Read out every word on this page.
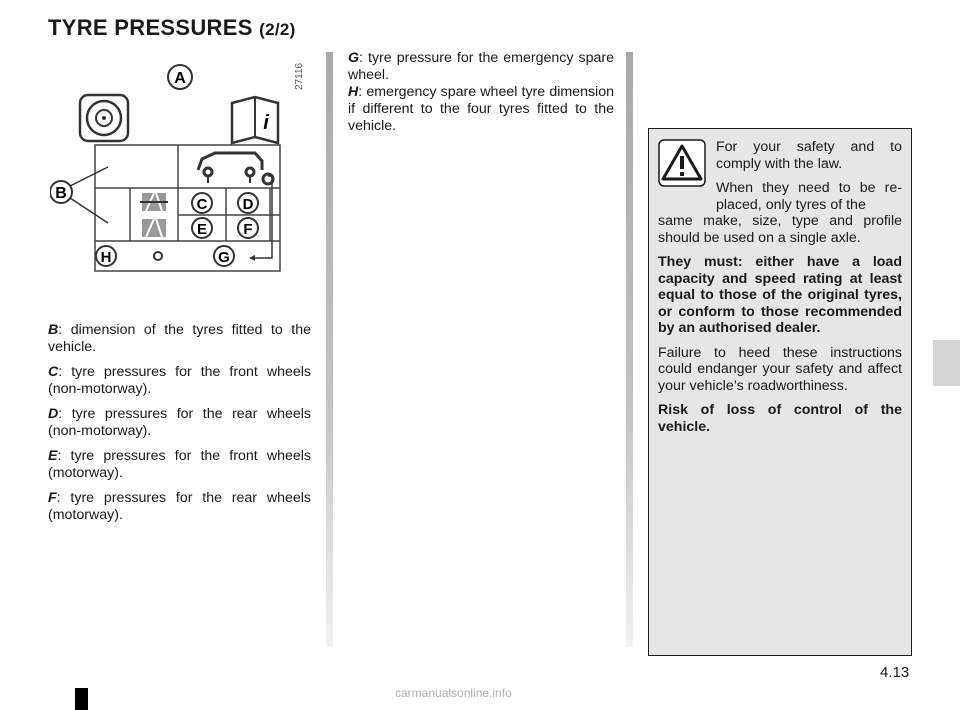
TYRE PRESSURES (2/2)
A	27116
i
C D
E F
H	G
B

B: dimension of the tyres fitted to the vehicle.

C: tyre pressures for the front wheels (non-motorway).

D: tyre pressures for the rear wheels (non-motorway).

E: tyre pressures for the front wheels (motorway).

F: tyre pressures for the rear wheels (motorway).

G: tyre pressure for the emergency spare wheel.

H: emergency spare wheel tyre dimension if different to the four tyres fitted to the vehicle.

For your safety and to comply with the law.

When they need to be re-placed, only tyres of the

same make, size, type and profile should be used on a single axle.

They must: either have a load capacity and speed rating at least equal to those of the original tyres, or conform to those recommended by an authorised dealer.

Failure to heed these instructions could endanger your safety and affect your vehicle’s roadworthiness.

Risk of loss of control of the vehicle.

4.13
carmanualsonline.info
